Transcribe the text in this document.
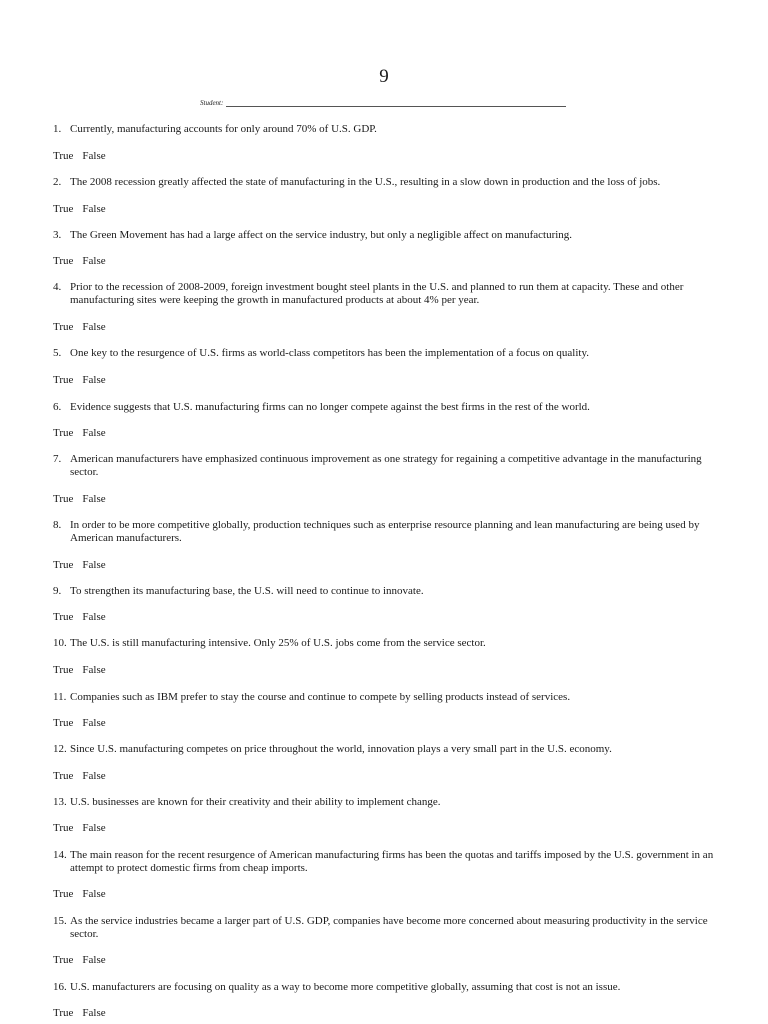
9
Student:
1. Currently, manufacturing accounts for only around 70% of U.S. GDP.
True False
2. The 2008 recession greatly affected the state of manufacturing in the U.S., resulting in a slow down in production and the loss of jobs.
True False
3. The Green Movement has had a large affect on the service industry, but only a negligible affect on manufacturing.
True False
4. Prior to the recession of 2008-2009, foreign investment bought steel plants in the U.S. and planned to run them at capacity. These and other manufacturing sites were keeping the growth in manufactured products at about 4% per year.
True False
5. One key to the resurgence of U.S. firms as world-class competitors has been the implementation of a focus on quality.
True False
6. Evidence suggests that U.S. manufacturing firms can no longer compete against the best firms in the rest of the world.
True False
7. American manufacturers have emphasized continuous improvement as one strategy for regaining a competitive advantage in the manufacturing sector.
True False
8. In order to be more competitive globally, production techniques such as enterprise resource planning and lean manufacturing are being used by American manufacturers.
True False
9. To strengthen its manufacturing base, the U.S. will need to continue to innovate.
True False
10. The U.S. is still manufacturing intensive. Only 25% of U.S. jobs come from the service sector.
True False
11. Companies such as IBM prefer to stay the course and continue to compete by selling products instead of services.
True False
12. Since U.S. manufacturing competes on price throughout the world, innovation plays a very small part in the U.S. economy.
True False
13. U.S. businesses are known for their creativity and their ability to implement change.
True False
14. The main reason for the recent resurgence of American manufacturing firms has been the quotas and tariffs imposed by the U.S. government in an attempt to protect domestic firms from cheap imports.
True False
15. As the service industries became a larger part of U.S. GDP, companies have become more concerned about measuring productivity in the service sector.
True False
16. U.S. manufacturers are focusing on quality as a way to become more competitive globally, assuming that cost is not an issue.
True False
